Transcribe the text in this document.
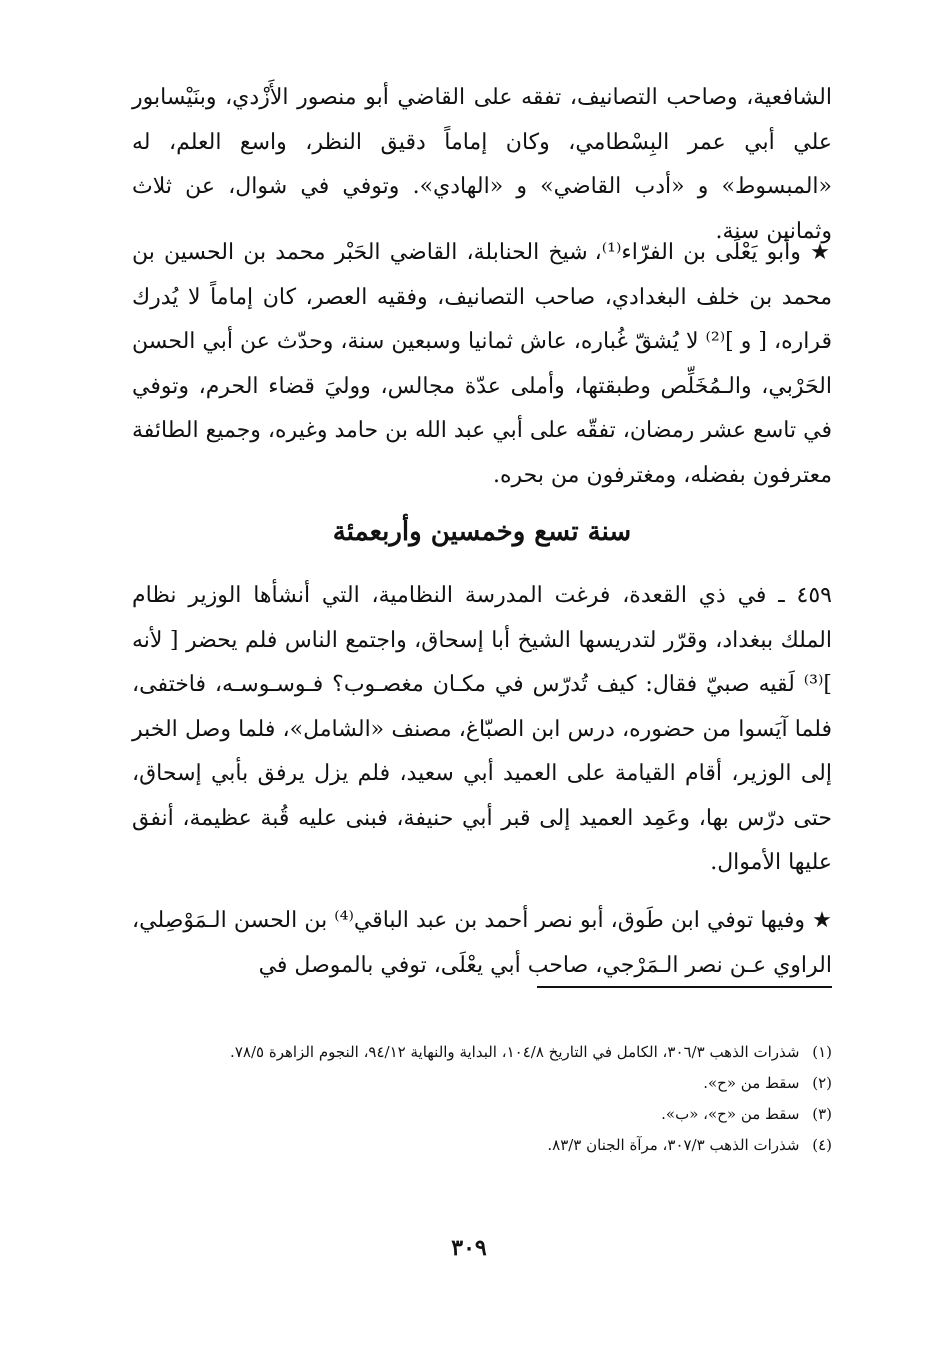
الشافعية، وصاحب التصانيف، تفقه على القاضي أبو منصور الأَزْدي، وبنَيْسابور علي أبي عمر البِسْطامي، وكان إماماً دقيق النظر، واسع العلم، له «المبسوط» و «أدب القاضي» و «الهادي». وتوفي في شوال، عن ثلاث وثمانين سنة.

★ وأبو يَعْلَى بن الفرّاء⁽¹⁾، شيخ الحنابلة، القاضي الحَبْر محمد بن الحسين بن محمد بن خلف البغدادي، صاحب التصانيف، وفقيه العصر، كان إماماً لا يُدرك قراره، [ و ]⁽²⁾ لا يُشقّ غُباره، عاش ثمانيا وسبعين سنة، وحدّث عن أبي الحسن الحَرْبي، والـمُخَلِّص وطبقتها، وأملى عدّة مجالس، ووليَ قضاء الحرم، وتوفي في تاسع عشر رمضان، تفقّه على أبي عبد الله بن حامد وغيره، وجميع الطائفة معترفون بفضله، ومغترفون من بحره.

سنة تسع وخمسين وأربعمئة

٤٥٩ ـ في ذي القعدة، فرغت المدرسة النظامية، التي أنشأها الوزير نظام الملك ببغداد، وقرّر لتدريسها الشيخ أبا إسحاق، واجتمع الناس فلم يحضر [ لأنه ]⁽³⁾ لَقيه صبيّ فقال: كيف تُدرّس في مكـان مغصـوب؟ فـوسـوسـه، فاختفى، فلما آيَسوا من حضوره، درس ابن الصبّاغ، مصنف «الشامل»، فلما وصل الخبر إلى الوزير، أقام القيامة على العميد أبي سعيد، فلم يزل يرفق بأبي إسحاق، حتى درّس بها، وعَمِد العميد إلى قبر أبي حنيفة، فبنى عليه قُبة عظيمة، أنفق عليها الأموال.

★ وفيها توفي ابن طَوق، أبو نصر أحمد بن عبد الباقي⁽⁴⁾ بن الحسن الـمَوْصِلي، الراوي عـن نصر الـمَرْجي، صاحب أبي يعْلَى، توفي بالموصل في

(١) شذرات الذهب ٣٠٦/٣، الكامل في التاريخ ١٠٤/٨، البداية والنهاية ٩٤/١٢، النجوم الزاهرة ٧٨/٥.

(٢) سقط من «ح».

(٣) سقط من «ح»، «ب».

(٤) شذرات الذهب ٣٠٧/٣، مرآة الجنان ٨٣/٣.

٣٠٩
